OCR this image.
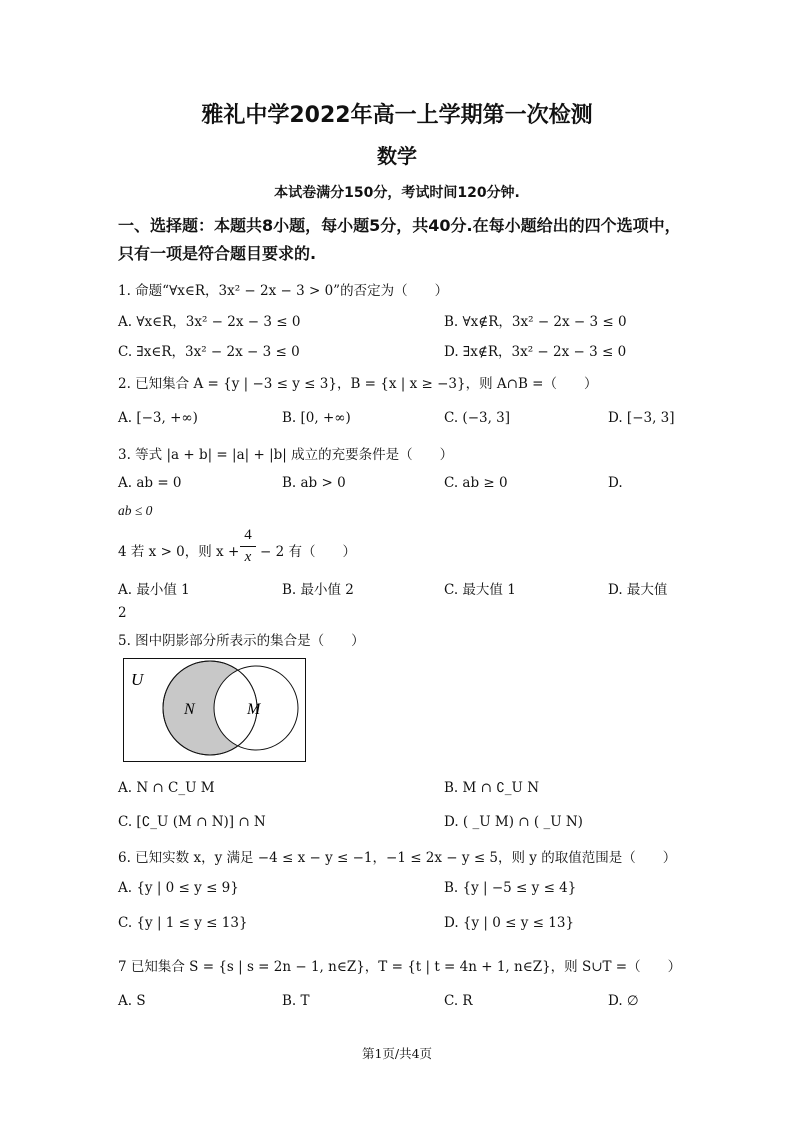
雅礼中学2022年高一上学期第一次检测
数学
本试卷满分150分，考试时间120分钟.
一、选择题：本题共8小题，每小题5分，共40分.在每小题给出的四个选项中，
只有一项是符合题目要求的.
1. 命题“∀x∈R，3x² − 2x − 3 > 0”的否定为（　　）
A. ∀x∈R，3x² − 2x − 3 ≤ 0	B. ∀x∉R，3x² − 2x − 3 ≤ 0
C. ∃x∈R，3x² − 2x − 3 ≤ 0	D. ∃x∉R，3x² − 2x − 3 ≤ 0
2. 已知集合 A = {y | −3 ≤ y ≤ 3}，B = {x | x ≥ −3}，则 A∩B =（　　）
A. [−3, +∞)	B. [0, +∞)	C. (−3, 3]	D. [−3, 3]
3. 等式 |a + b| = |a| + |b| 成立的充要条件是（　　）
A. ab = 0	B. ab > 0	C. ab ≥ 0	D.
ab ≤ 0
4 若 x > 0，则 x +
4
x − 2 有（　　）
A. 最小值 1	B. 最小值 2	C. 最大值 1	D. 最大值
2
5. 图中阴影部分所表示的集合是（　　）
U
N	M
A. N ∩ C_U M	B. M ∩ ∁_U N
C. [∁_U (M ∩ N)] ∩ N	D. ( _U M) ∩ ( _U N)
6. 已知实数 x，y 满足 −4 ≤ x − y ≤ −1，−1 ≤ 2x − y ≤ 5，则 y 的取值范围是（　　）
A. {y | 0 ≤ y ≤ 9}	B. {y | −5 ≤ y ≤ 4}
C. {y | 1 ≤ y ≤ 13}	D. {y | 0 ≤ y ≤ 13}
7 已知集合 S = {s | s = 2n − 1, n∈Z}，T = {t | t = 4n + 1, n∈Z}，则 S∪T =（　　）
A. S	B. T	C. R	D. ∅
第1页/共4页
